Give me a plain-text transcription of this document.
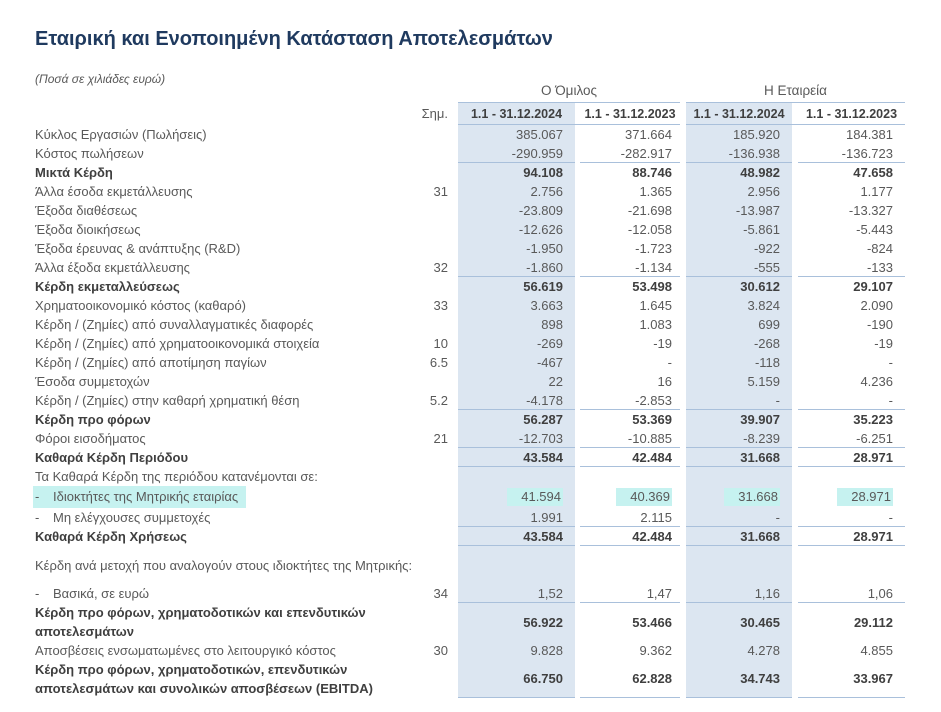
Εταιρική και Ενοποιημένη Κατάσταση Αποτελεσμάτων
(Ποσά σε χιλιάδες ευρώ)
Ο Όμιλος	Η Εταιρεία
Σημ.	1.1 - 31.12.2024	1.1 - 31.12.2023	1.1 - 31.12.2024	1.1 - 31.12.2023
Κύκλος Εργασιών (Πωλήσεις)	385.067	371.664	185.920	184.381
Κόστος πωλήσεων	-290.959	-282.917	-136.938	-136.723
Μικτά Κέρδη	94.108	88.746	48.982	47.658
Άλλα έσοδα εκμετάλλευσης	31	2.756	1.365	2.956	1.177
Έξοδα διαθέσεως	-23.809	-21.698	-13.987	-13.327
Έξοδα διοικήσεως	-12.626	-12.058	-5.861	-5.443
Έξοδα έρευνας & ανάπτυξης (R&D)	-1.950	-1.723	-922	-824
Άλλα έξοδα εκμετάλλευσης	32	-1.860	-1.134	-555	-133
Κέρδη εκμεταλλεύσεως	56.619	53.498	30.612	29.107
Χρηματοοικονομικό κόστος (καθαρό)	33	3.663	1.645	3.824	2.090
Κέρδη / (Ζημίες) από συναλλαγματικές διαφορές	898	1.083	699	-190
Κέρδη / (Ζημίες) από χρηματοοικονομικά στοιχεία	10	-269	-19	-268	-19
Κέρδη / (Ζημίες) από αποτίμηση παγίων	6.5	-467	-	-118	-
Έσοδα συμμετοχών	22	16	5.159	4.236
Κέρδη / (Ζημίες) στην καθαρή χρηματική θέση	5.2	-4.178	-2.853	-	-
Κέρδη προ φόρων	56.287	53.369	39.907	35.223
Φόροι εισοδήματος	21	-12.703	-10.885	-8.239	-6.251
Καθαρά Κέρδη Περιόδου	43.584	42.484	31.668	28.971
Τα Καθαρά Κέρδη της περιόδου κατανέμονται σε:
-	Ιδιοκτήτες της Μητρικής εταιρίας	41.594	40.369	31.668	28.971
-	Μη ελέγχουσες συμμετοχές	1.991	2.115	-	-
Καθαρά Κέρδη Χρήσεως	43.584	42.484	31.668	28.971
Κέρδη ανά μετοχή που αναλογούν στους ιδιοκτήτες της Μητρικής:
-	Βασικά, σε ευρώ	34	1,52	1,47	1,16	1,06
Κέρδη προ φόρων, χρηματοδοτικών και επενδυτικών αποτελεσμάτων
56.922	53.466	30.465	29.112
Αποσβέσεις ενσωματωμένες στο λειτουργικό κόστος	30	9.828	9.362	4.278	4.855
Κέρδη προ φόρων, χρηματοδοτικών, επενδυτικών αποτελεσμάτων και συνολικών αποσβέσεων (EBITDA)
66.750	62.828	34.743	33.967
